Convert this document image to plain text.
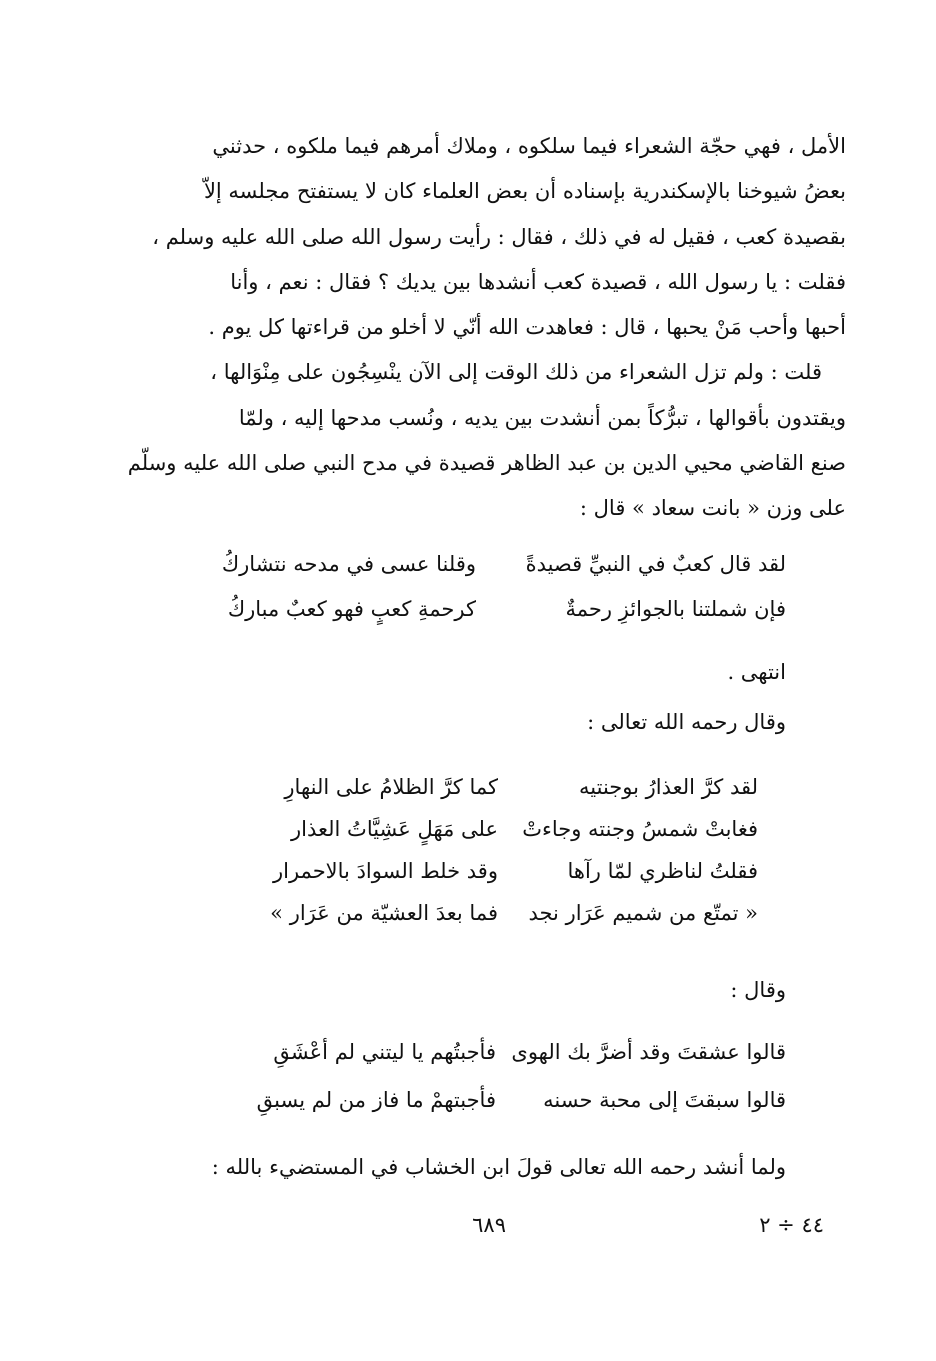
الأمل ، فهي حجّة الشعراء فيما سلكوه ، وملاك أمرهم فيما ملكوه ، حدثني
بعضُ شيوخنا بالإسكندرية بإسناده أن بعض العلماء كان لا يستفتح مجلسه إلاّ
بقصيدة كعب ، فقيل له في ذلك ، فقال : رأيت رسول الله صلى الله عليه وسلم ،
فقلت : يا رسول الله ، قصيدة كعب أنشدها بين يديك ؟ فقال : نعم ، وأنا
أحبها وأحب مَنْ يحبها ، قال : فعاهدت الله أنّي لا أخلو من قراءتها كل يوم .
قلت : ولم تزل الشعراء من ذلك الوقت إلى الآن ينْسِجُون على مِنْوَالها ،
ويقتدون بأقوالها ، تبرُّكاً بمن أنشدت بين يديه ، ونُسب مدحها إليه ، ولمّا
صنع القاضي محيي الدين بن عبد الظاهر قصيدة في مدح النبي صلى الله عليه وسلّم
على وزن « بانت سعاد » قال :
لقد قال كعبٌ في النبيِّ قصيدةً
وقلنا عسى في مدحه نتشاركُ
فإن شملتنا بالجوائزِ رحمةٌ
كرحمةِ كعبٍ فهو كعبٌ مباركُ
انتهى .
وقال رحمه الله تعالى :
لقد كرَّ العذارُ بوجنتيه
كما كرَّ الظلامُ على النهارِ
فغابتْ شمسُ وجنته وجاءتْ
على مَهَلٍ عَشِيَّاتُ العذار
فقلتُ لناظري لمّا رآها
وقد خلط السوادَ بالاحمرار
« تمتّع من شميم عَرَار نجد
فما بعدَ العشيّة من عَرَار »
وقال :
قالوا عشقتَ وقد أضرَّ بك الهوى
فأجبتُهم يا ليتني لم أعْشَقِ
قالوا سبقتَ إلى محبة حسنه
فأجبتهمْ ما فاز من لم يسبقِ
ولما أنشد رحمه الله تعالى قولَ ابن الخشاب في المستضيء بالله :
٦٨٩	٤٤ ÷ ٢
